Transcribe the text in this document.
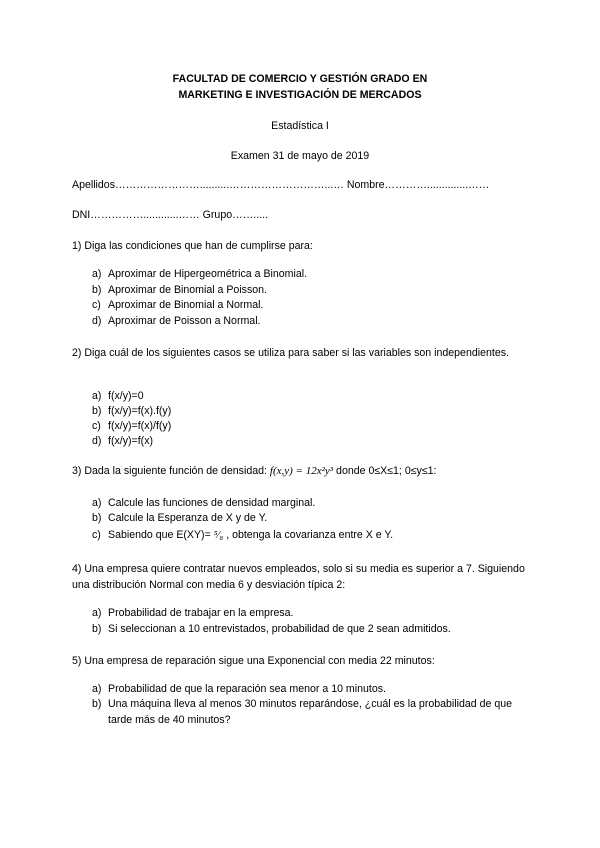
FACULTAD DE COMERCIO Y GESTIÓN GRADO EN
MARKETING E INVESTIGACIÓN DE MERCADOS
Estadística I
Examen 31 de mayo de 2019
Apellidos……………………..........………………………...… Nombre…………..............……
DNI……………............…… Grupo…….....
1) Diga las condiciones que han de cumplirse para:
a) Aproximar de Hipergeométrica a Binomial.
b) Aproximar de Binomial a Poisson.
c) Aproximar de Binomial a Normal.
d) Aproximar de Poisson a Normal.
2) Diga cuál de los siguientes casos se utiliza para saber si las variables son independientes.
a) f(x/y)=0
b) f(x/y)=f(x).f(y)
c) f(x/y)=f(x)/f(y)
d) f(x/y)=f(x)
3) Dada la siguiente función de densidad: f(x,y) = 12x²y³ donde 0≤X≤1; 0≤y≤1:
a) Calcule las funciones de densidad marginal.
b) Calcule la Esperanza de X y de Y.
c) Sabiendo que E(XY)= ⁵⁄₈ , obtenga la covarianza entre X e Y.
4) Una empresa quiere contratar nuevos empleados, solo si su media es superior a 7. Siguiendo una distribución Normal con media 6 y desviación típica 2:
a) Probabilidad de trabajar en la empresa.
b) Si seleccionan a 10 entrevistados, probabilidad de que 2 sean admitidos.
5) Una empresa de reparación sigue una Exponencial con media 22 minutos:
a) Probabilidad de que la reparación sea menor a 10 minutos.
b) Una máquina lleva al menos 30 minutos reparándose, ¿cuál es la probabilidad de que tarde más de 40 minutos?
